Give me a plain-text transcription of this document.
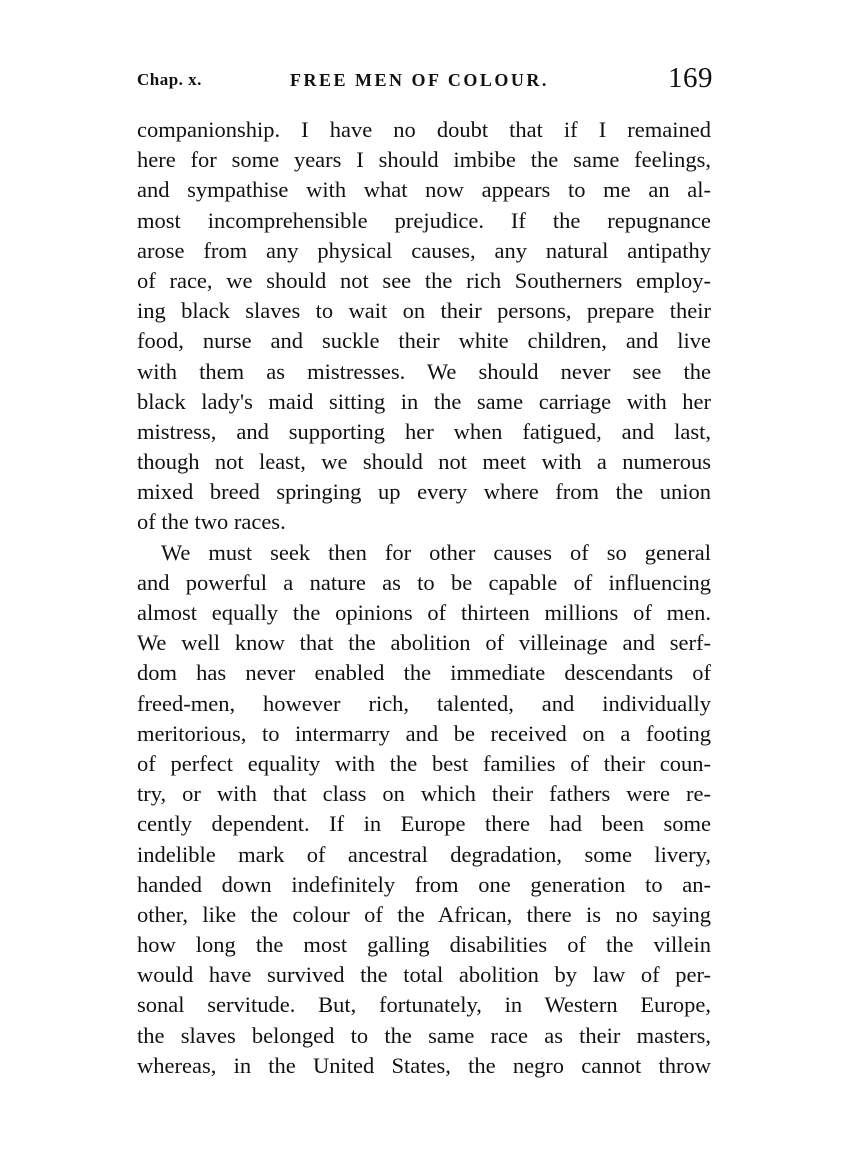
Chap. x.	FREE MEN OF COLOUR.	169
companionship. I have no doubt that if I remained
here for some years I should imbibe the same feelings,
and sympathise with what now appears to me an al-
most incomprehensible prejudice. If the repugnance
arose from any physical causes, any natural antipathy
of race, we should not see the rich Southerners employ-
ing black slaves to wait on their persons, prepare their
food, nurse and suckle their white children, and live
with them as mistresses. We should never see the
black lady's maid sitting in the same carriage with her
mistress, and supporting her when fatigued, and last,
though not least, we should not meet with a numerous
mixed breed springing up every where from the union
of the two races.
We must seek then for other causes of so general
and powerful a nature as to be capable of influencing
almost equally the opinions of thirteen millions of men.
We well know that the abolition of villeinage and serf-
dom has never enabled the immediate descendants of
freed-men, however rich, talented, and individually
meritorious, to intermarry and be received on a footing
of perfect equality with the best families of their coun-
try, or with that class on which their fathers were re-
cently dependent. If in Europe there had been some
indelible mark of ancestral degradation, some livery,
handed down indefinitely from one generation to an-
other, like the colour of the African, there is no saying
how long the most galling disabilities of the villein
would have survived the total abolition by law of per-
sonal servitude. But, fortunately, in Western Europe,
the slaves belonged to the same race as their masters,
whereas, in the United States, the negro cannot throw
